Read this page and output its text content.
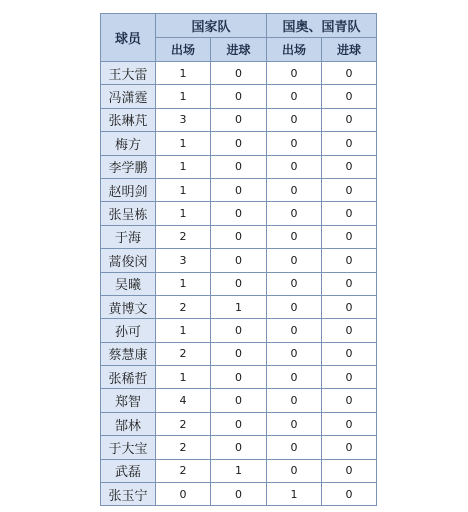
球员	国家队		国奥、国青队	
	出场	进球	出场	进球
王大雷	1	0	0	0
冯潇霆	1	0	0	0
张琳芃	3	0	0	0
梅方	1	0	0	0
李学鹏	1	0	0	0
赵明剑	1	0	0	0
张呈栋	1	0	0	0
于海	2	0	0	0
蒿俊闵	3	0	0	0
吴曦	1	0	0	0
黄博文	2	1	0	0
孙可	1	0	0	0
蔡慧康	2	0	0	0
张稀哲	1	0	0	0
郑智	4	0	0	0
郜林	2	0	0	0
于大宝	2	0	0	0
武磊	2	1	0	0
张玉宁	0	0	1	0
